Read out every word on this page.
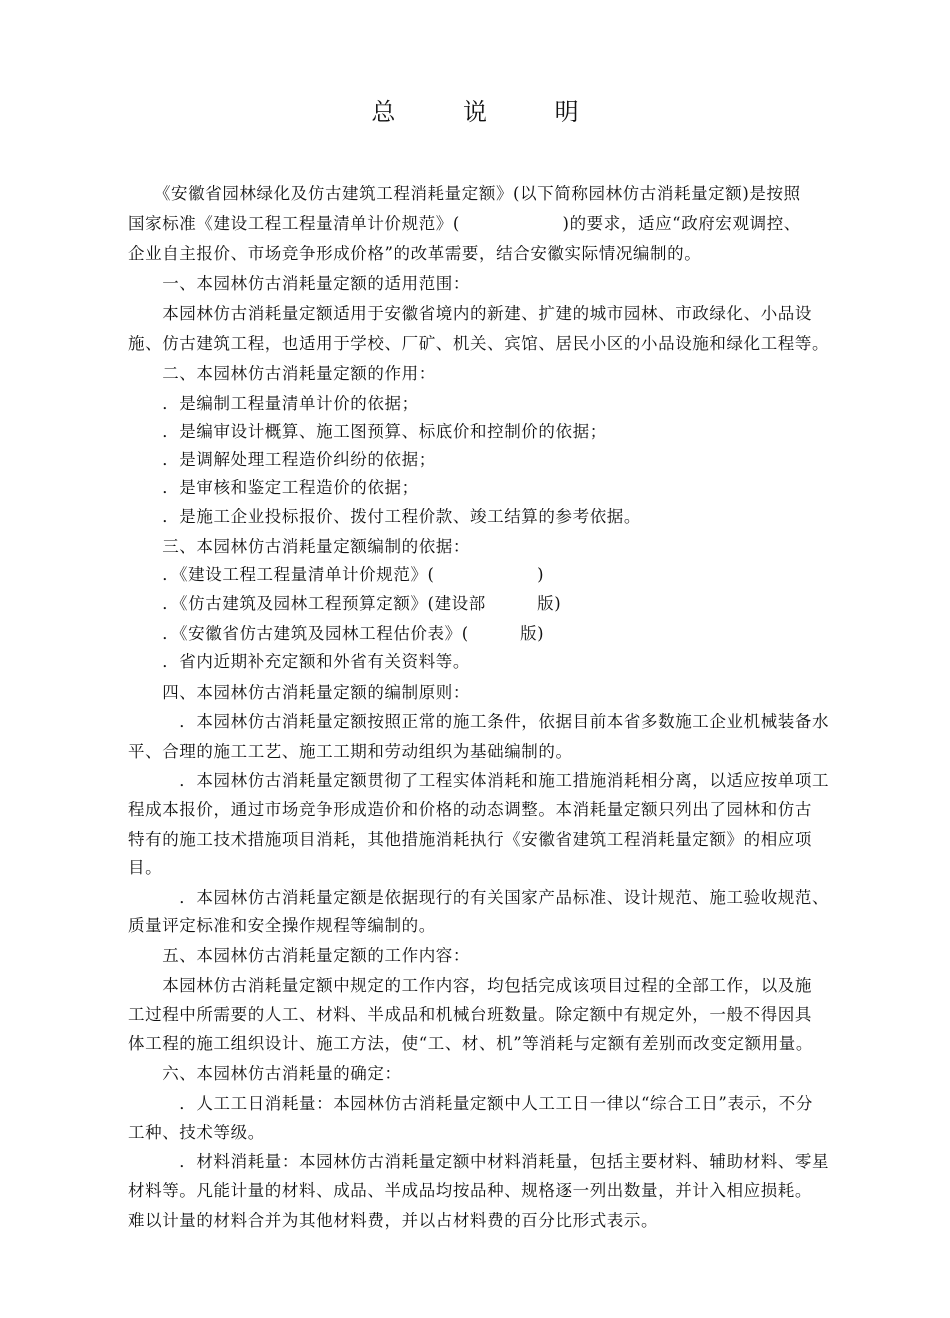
总 说 明
　　《安徽省园林绿化及仿古建筑工程消耗量定额》(以下简称园林仿古消耗量定额)是按照
国家标准《建设工程工程量清单计价规范》(　　　　　　)的要求，适应“政府宏观调控、
企业自主报价、市场竞争形成价格”的改革需要，结合安徽实际情况编制的。
　　一、本园林仿古消耗量定额的适用范围：
　　本园林仿古消耗量定额适用于安徽省境内的新建、扩建的城市园林、市政绿化、小品设
施、仿古建筑工程，也适用于学校、厂矿、机关、宾馆、居民小区的小品设施和绿化工程等。
　　二、本园林仿古消耗量定额的作用：
　　．是编制工程量清单计价的依据；
　　．是编审设计概算、施工图预算、标底价和控制价的依据；
　　．是调解处理工程造价纠纷的依据；
　　．是审核和鉴定工程造价的依据；
　　．是施工企业投标报价、拨付工程价款、竣工结算的参考依据。
　　三、本园林仿古消耗量定额编制的依据：
　　．《建设工程工程量清单计价规范》(　　　　　　)
　　．《仿古建筑及园林工程预算定额》(建设部　　　版)
　　．《安徽省仿古建筑及园林工程估价表》(　　　版)
　　．省内近期补充定额和外省有关资料等。
　　四、本园林仿古消耗量定额的编制原则：
　　　．本园林仿古消耗量定额按照正常的施工条件，依据目前本省多数施工企业机械装备水
平、合理的施工工艺、施工工期和劳动组织为基础编制的。
　　　．本园林仿古消耗量定额贯彻了工程实体消耗和施工措施消耗相分离，以适应按单项工
程成本报价，通过市场竞争形成造价和价格的动态调整。本消耗量定额只列出了园林和仿古
特有的施工技术措施项目消耗，其他措施消耗执行《安徽省建筑工程消耗量定额》的相应项
目。
　　　．本园林仿古消耗量定额是依据现行的有关国家产品标准、设计规范、施工验收规范、
质量评定标准和安全操作规程等编制的。
　　五、本园林仿古消耗量定额的工作内容：
　　本园林仿古消耗量定额中规定的工作内容，均包括完成该项目过程的全部工作，以及施
工过程中所需要的人工、材料、半成品和机械台班数量。除定额中有规定外，一般不得因具
体工程的施工组织设计、施工方法，使“工、材、机”等消耗与定额有差别而改变定额用量。
　　六、本园林仿古消耗量的确定：
　　　．人工工日消耗量：本园林仿古消耗量定额中人工工日一律以“综合工日”表示，不分
工种、技术等级。
　　　．材料消耗量：本园林仿古消耗量定额中材料消耗量，包括主要材料、辅助材料、零星
材料等。凡能计量的材料、成品、半成品均按品种、规格逐一列出数量，并计入相应损耗。
难以计量的材料合并为其他材料费，并以占材料费的百分比形式表示。
